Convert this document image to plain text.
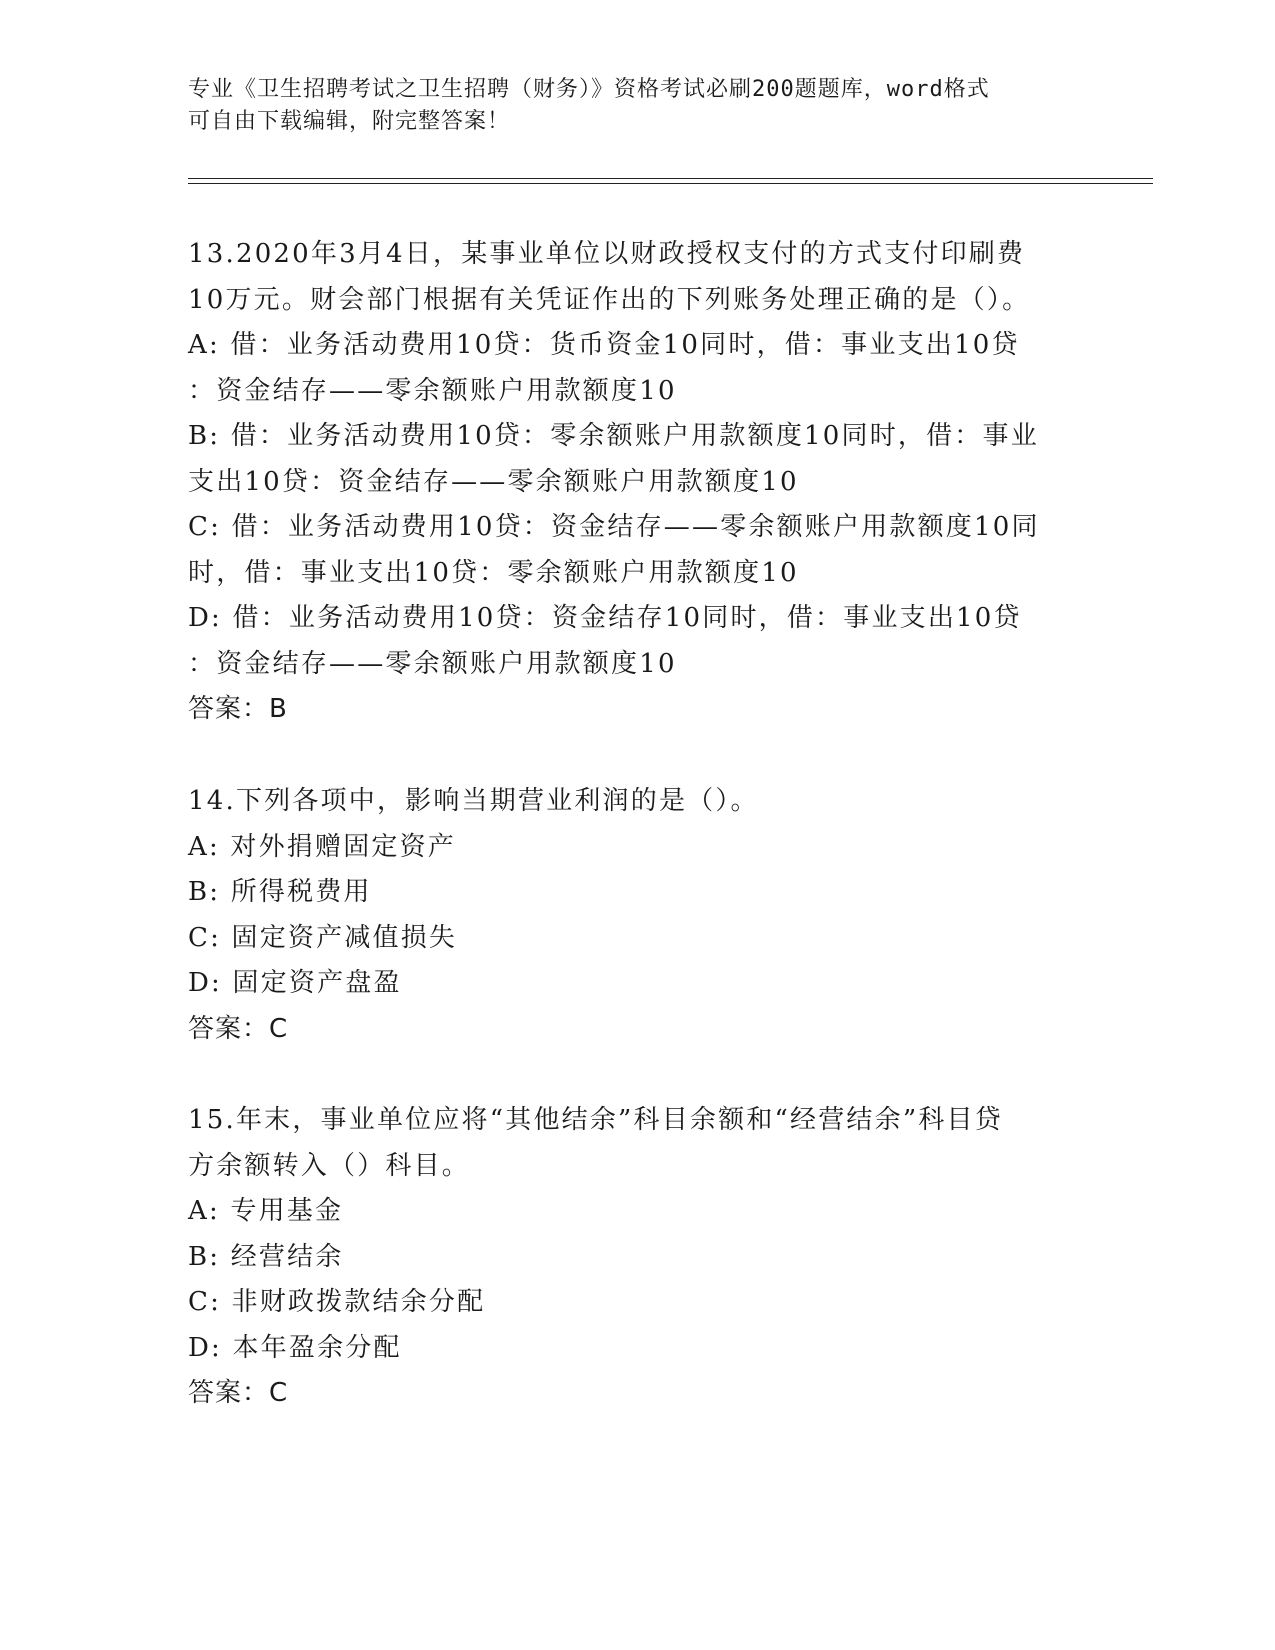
专业《卫生招聘考试之卫生招聘（财务）》资格考试必刷200题题库，word格式
可自由下载编辑，附完整答案！
13.2020年3月4日，某事业单位以财政授权支付的方式支付印刷费
10万元。财会部门根据有关凭证作出的下列账务处理正确的是（）。
A: 借：业务活动费用10贷：货币资金10同时，借：事业支出10贷
：资金结存——零余额账户用款额度10
B: 借：业务活动费用10贷：零余额账户用款额度10同时，借：事业
支出10贷：资金结存——零余额账户用款额度10
C: 借：业务活动费用10贷：资金结存——零余额账户用款额度10同
时，借：事业支出10贷：零余额账户用款额度10
D: 借：业务活动费用10贷：资金结存10同时，借：事业支出10贷
：资金结存——零余额账户用款额度10
答案：B
14.下列各项中，影响当期营业利润的是（）。
A: 对外捐赠固定资产
B: 所得税费用
C: 固定资产减值损失
D: 固定资产盘盈
答案：C
15.年末，事业单位应将“其他结余”科目余额和“经营结余”科目贷
方余额转入（）科目。
A: 专用基金
B: 经营结余
C: 非财政拨款结余分配
D: 本年盈余分配
答案：C
